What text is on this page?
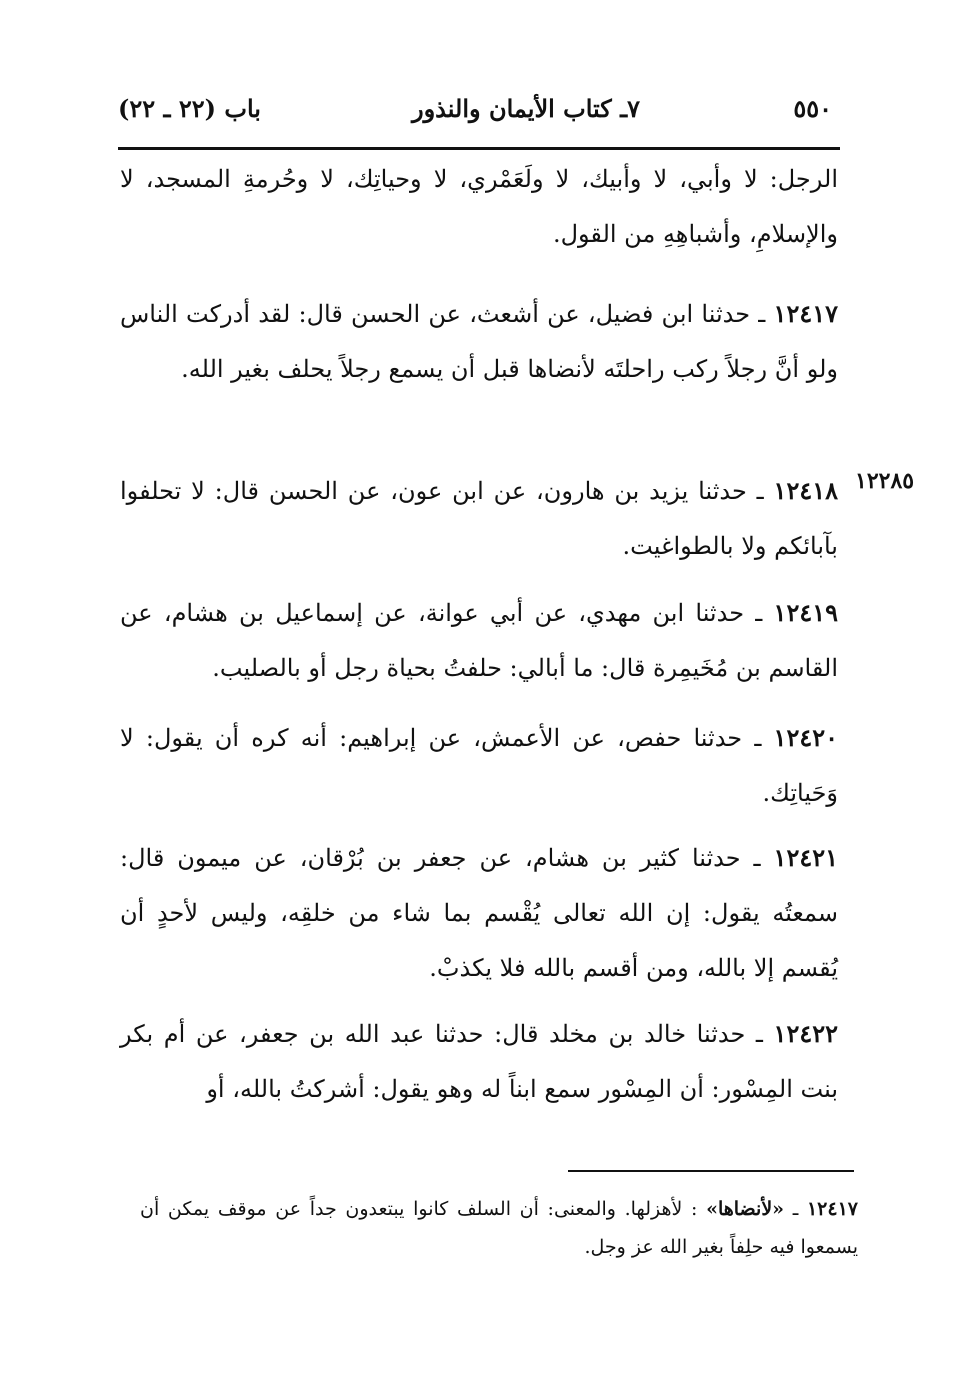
٥٥٠
٧ـ كتاب الأيمان والنذور
باب (٢٢ ـ ٢٢)
١٢٢٨٥

الرجل: لا وأبي، لا وأبيك، لا ولَعَمْري، لا وحياتِك، لا وحُرمةِ المسجد، لا والإسلامِ، وأشباهِهِ من القول.

١٢٤١٧ ـ حدثنا ابن فضيل، عن أشعث، عن الحسن قال: لقد أدركت الناس ولو أنَّ رجلاً ركب راحلتَه لأنضاها قبل أن يسمع رجلاً يحلف بغير الله.

١٢٤١٨ ـ حدثنا يزيد بن هارون، عن ابن عون، عن الحسن قال: لا تحلفوا بآبائكم ولا بالطواغيت.

١٢٤١٩ ـ حدثنا ابن مهدي، عن أبي عوانة، عن إسماعيل بن هشام، عن القاسم بن مُخَيمِرة قال: ما أبالي: حلفتُ بحياة رجل أو بالصليب.

١٢٤٢٠ ـ حدثنا حفص، عن الأعمش، عن إبراهيم: أنه كره أن يقول: لا وَحَياتِك.

١٢٤٢١ ـ حدثنا كثير بن هشام، عن جعفر بن بُرْقان، عن ميمون قال: سمعتُه يقول: إن الله تعالى يُقْسم بما شاء من خلقِه، وليس لأحدٍ أن يُقسم إلا بالله، ومن أقسم بالله فلا يكذبْ.

١٢٤٢٢ ـ حدثنا خالد بن مخلد قال: حدثنا عبد الله بن جعفر، عن أم بكر بنت المِسْور: أن المِسْور سمع ابناً له وهو يقول: أشركتُ بالله، أو

١٢٤١٧ ـ «لأنضاها» : لأهزلها. والمعنى: أن السلف كانوا يبتعدون جداً عن موقف يمكن أن يسمعوا فيه حلِفاً بغير الله عز وجل.
